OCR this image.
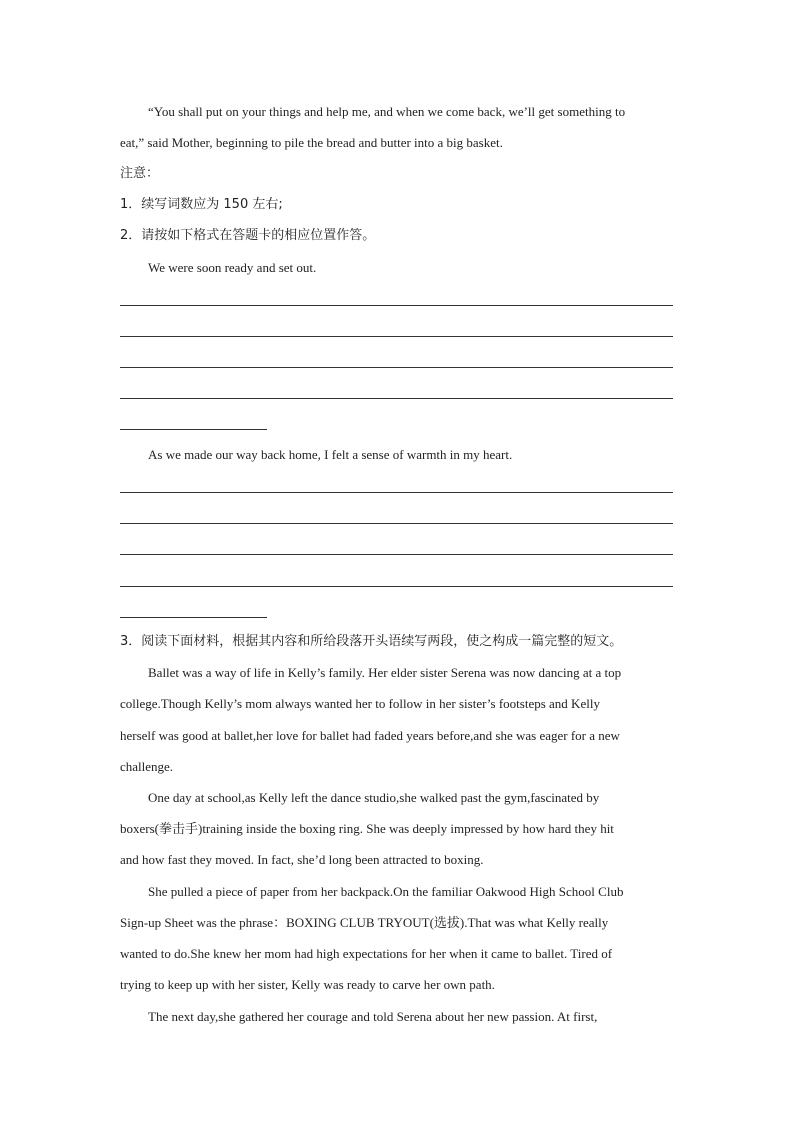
“You shall put on your things and help me, and when we come back, we’ll get something to
eat,” said Mother, beginning to pile the bread and butter into a big basket.
注意：
1．续写词数应为 150 左右;
2．请按如下格式在答题卡的相应位置作答。
We were soon ready and set out.
As we made our way back home, I felt a sense of warmth in my heart.
3．阅读下面材料，根据其内容和所给段落开头语续写两段，使之构成一篇完整的短文。
Ballet was a way of life in Kelly’s family. Her elder sister Serena was now dancing at a top
college.Though Kelly’s mom always wanted her to follow in her sister’s footsteps and Kelly
herself was good at ballet,her love for ballet had faded years before,and she was eager for a new
challenge.
One day at school,as Kelly left the dance studio,she walked past the gym,fascinated by
boxers(拳击手)training inside the boxing ring. She was deeply impressed by how hard they hit
and how fast they moved. In fact, she’d long been attracted to boxing.
She pulled a piece of paper from her backpack.On the familiar Oakwood High School Club
Sign-up Sheet was the phrase：BOXING CLUB TRYOUT(选拔).That was what Kelly really
wanted to do.She knew her mom had high expectations for her when it came to ballet. Tired of
trying to keep up with her sister, Kelly was ready to carve her own path.
The next day,she gathered her courage and told Serena about her new passion. At first,
